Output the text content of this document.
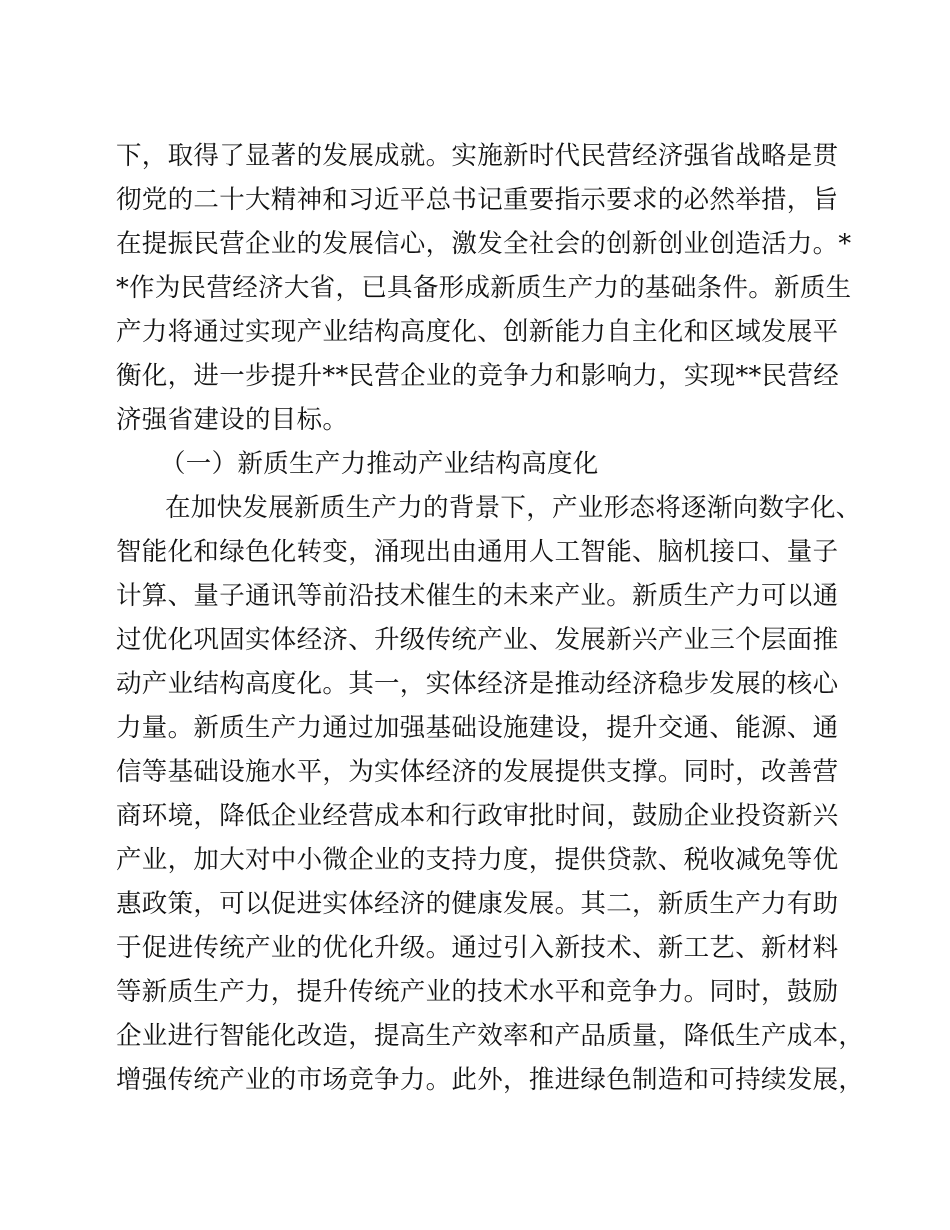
下，取得了显著的发展成就。实施新时代民营经济强省战略是贯
彻党的二十大精神和习近平总书记重要指示要求的必然举措，旨
在提振民营企业的发展信心，激发全社会的创新创业创造活力。*
*作为民营经济大省，已具备形成新质生产力的基础条件。新质生
产力将通过实现产业结构高度化、创新能力自主化和区域发展平
衡化，进一步提升**民营企业的竞争力和影响力，实现**民营经
济强省建设的目标。
（一）新质生产力推动产业结构高度化
在加快发展新质生产力的背景下，产业形态将逐渐向数字化、
智能化和绿色化转变，涌现出由通用人工智能、脑机接口、量子
计算、量子通讯等前沿技术催生的未来产业。新质生产力可以通
过优化巩固实体经济、升级传统产业、发展新兴产业三个层面推
动产业结构高度化。其一，实体经济是推动经济稳步发展的核心
力量。新质生产力通过加强基础设施建设，提升交通、能源、通
信等基础设施水平，为实体经济的发展提供支撑。同时，改善营
商环境，降低企业经营成本和行政审批时间，鼓励企业投资新兴
产业，加大对中小微企业的支持力度，提供贷款、税收减免等优
惠政策，可以促进实体经济的健康发展。其二，新质生产力有助
于促进传统产业的优化升级。通过引入新技术、新工艺、新材料
等新质生产力，提升传统产业的技术水平和竞争力。同时，鼓励
企业进行智能化改造，提高生产效率和产品质量，降低生产成本，
增强传统产业的市场竞争力。此外，推进绿色制造和可持续发展，
